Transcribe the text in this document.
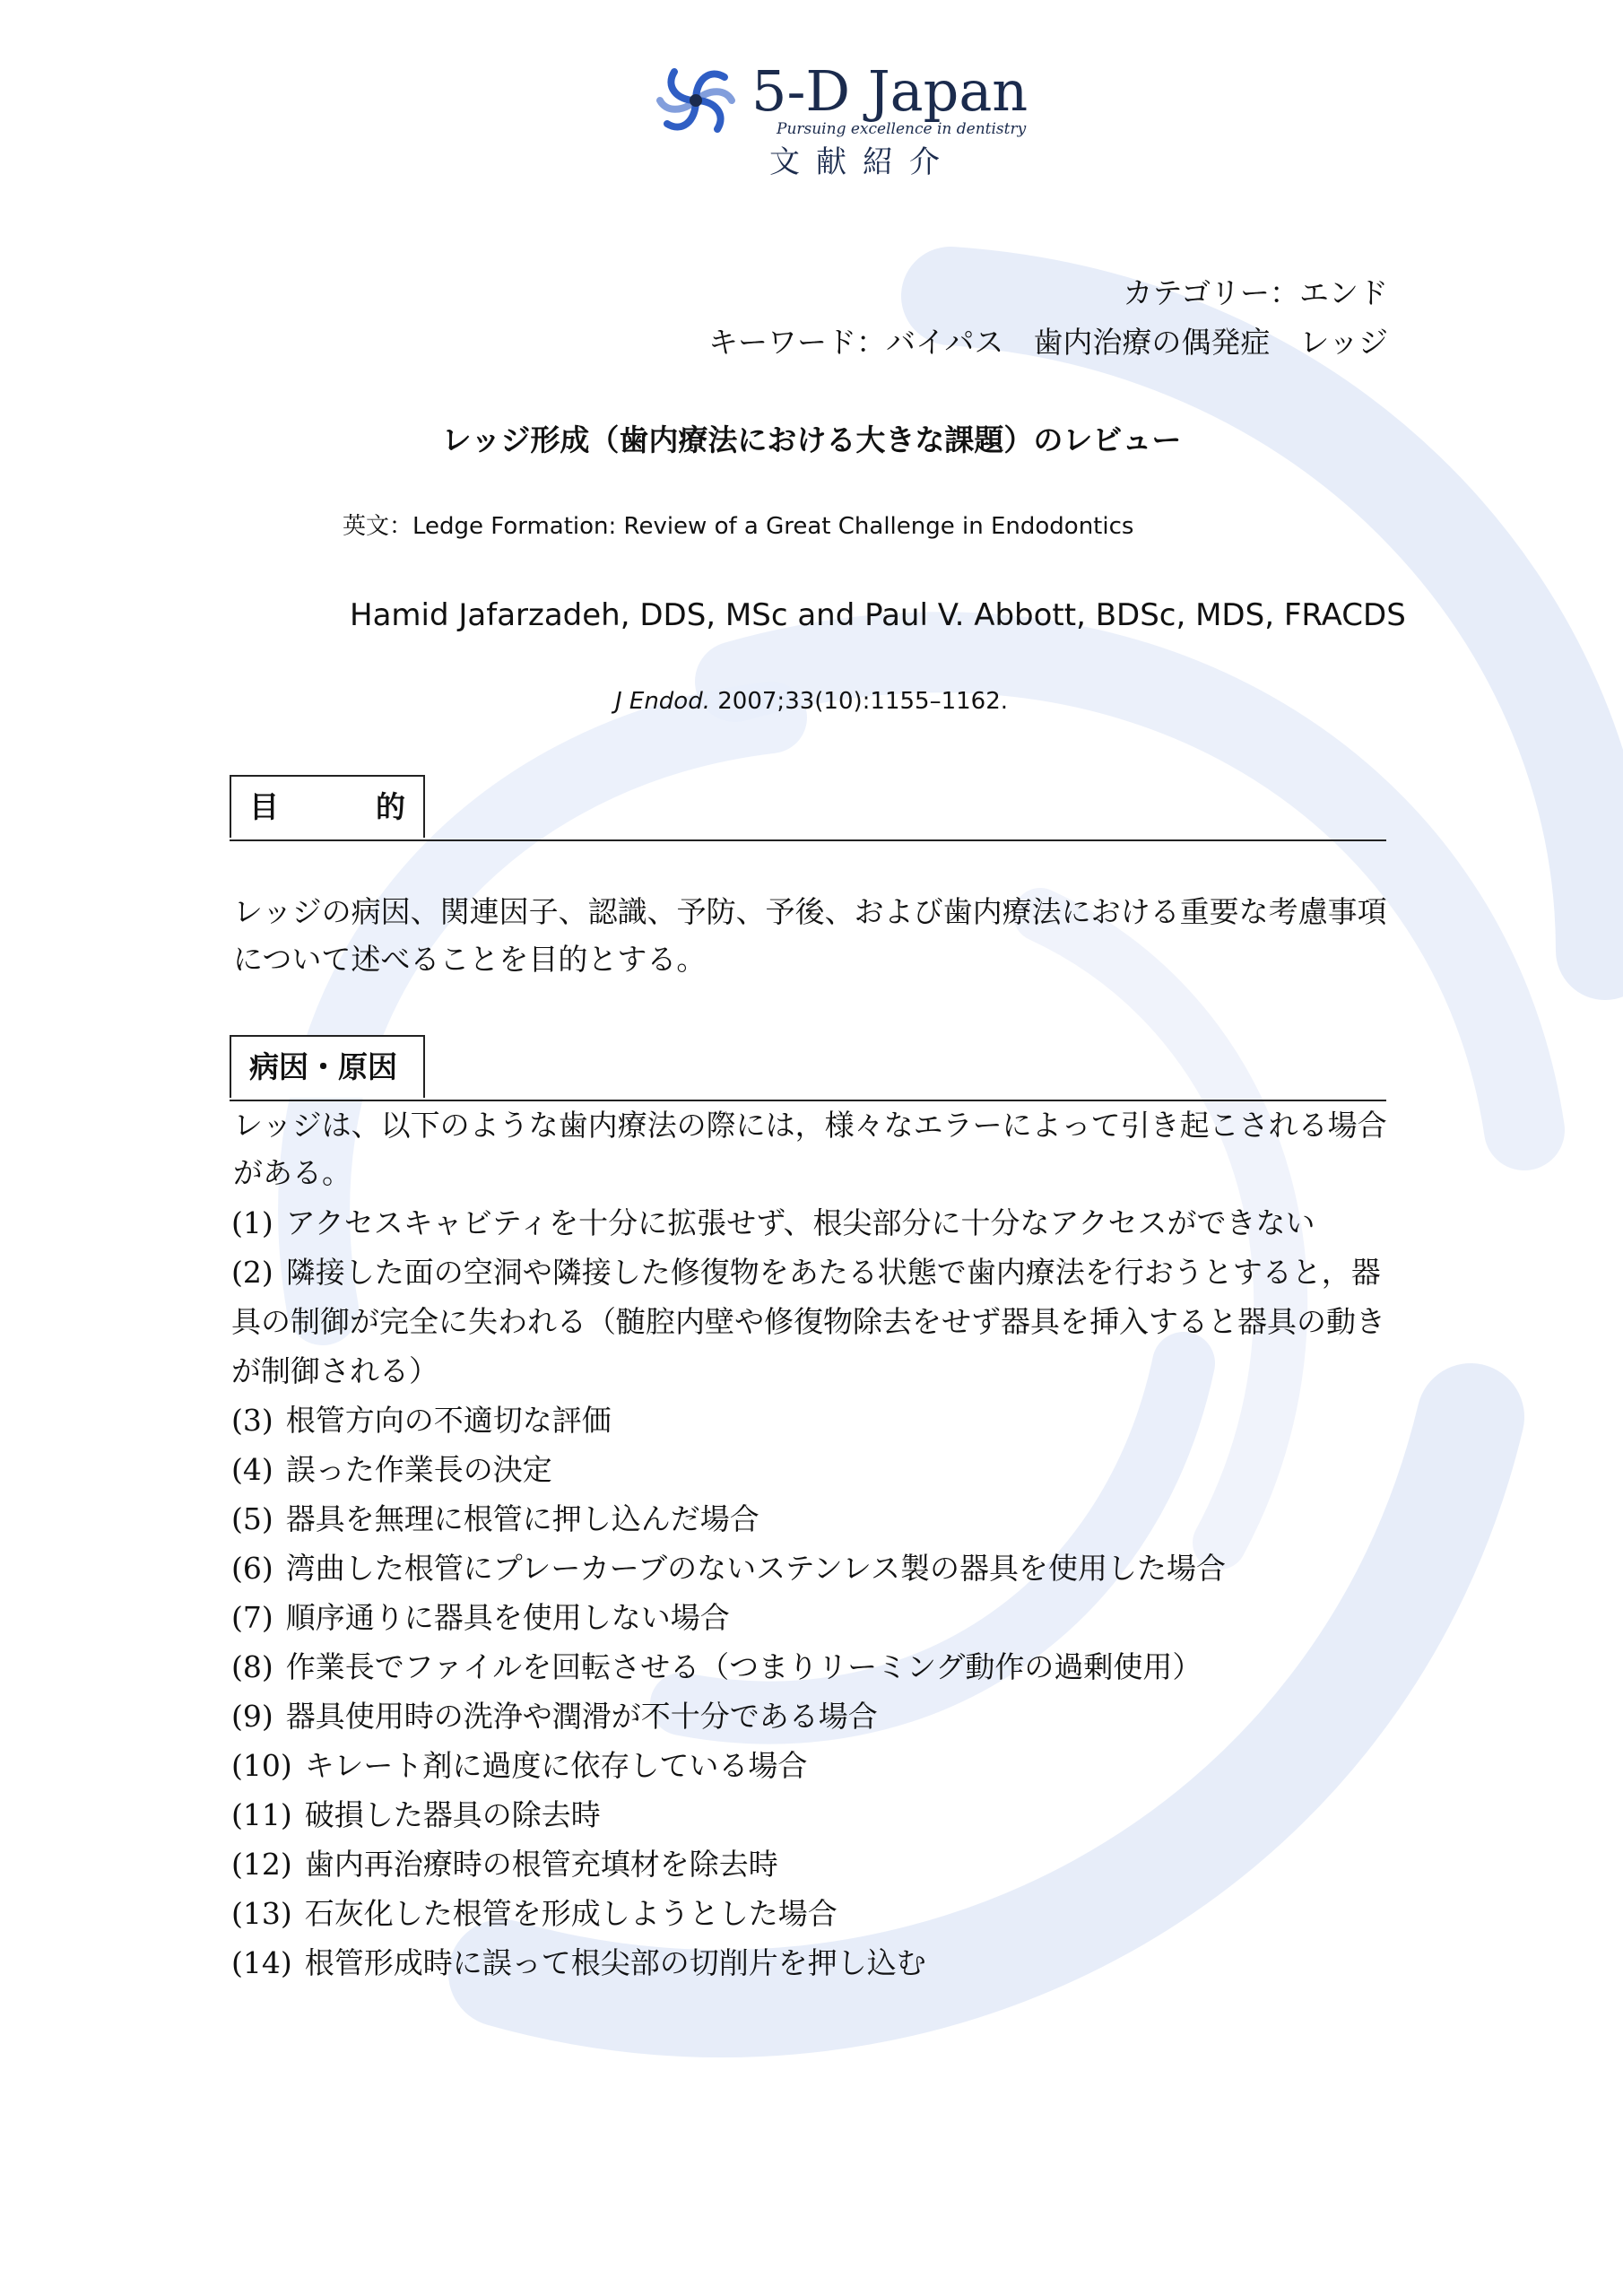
5-D Japan
Pursuing excellence in dentistry
文献紹介
カテゴリー：エンド
キーワード：バイパス　歯内治療の偶発症　レッジ
レッジ形成（歯内療法における大きな課題）のレビュー
英文：Ledge Formation: Review of a Great Challenge in Endodontics
Hamid Jafarzadeh, DDS, MSc and Paul V. Abbott, BDSc, MDS, FRACDS
J Endod. 2007;33(10):1155–1162.
目	的
レッジの病因、関連因子、認識、予防、予後、および歯内療法における重要な考慮事項について述べることを目的とする。
病因・原因
レッジは、以下のような歯内療法の際には，様々なエラーによって引き起こされる場合がある。
(1) アクセスキャビティを十分に拡張せず、根尖部分に十分なアクセスができない
(2) 隣接した面の空洞や隣接した修復物をあたる状態で歯内療法を行おうとすると，器具の制御が完全に失われる（髄腔内壁や修復物除去をせず器具を挿入すると器具の動きが制御される）
(3) 根管方向の不適切な評価
(4) 誤った作業長の決定
(5) 器具を無理に根管に押し込んだ場合
(6) 湾曲した根管にプレーカーブのないステンレス製の器具を使用した場合
(7) 順序通りに器具を使用しない場合
(8) 作業長でファイルを回転させる（つまりリーミング動作の過剰使用）
(9) 器具使用時の洗浄や潤滑が不十分である場合
(10) キレート剤に過度に依存している場合
(11) 破損した器具の除去時
(12) 歯内再治療時の根管充填材を除去時
(13) 石灰化した根管を形成しようとした場合
(14) 根管形成時に誤って根尖部の切削片を押し込む
